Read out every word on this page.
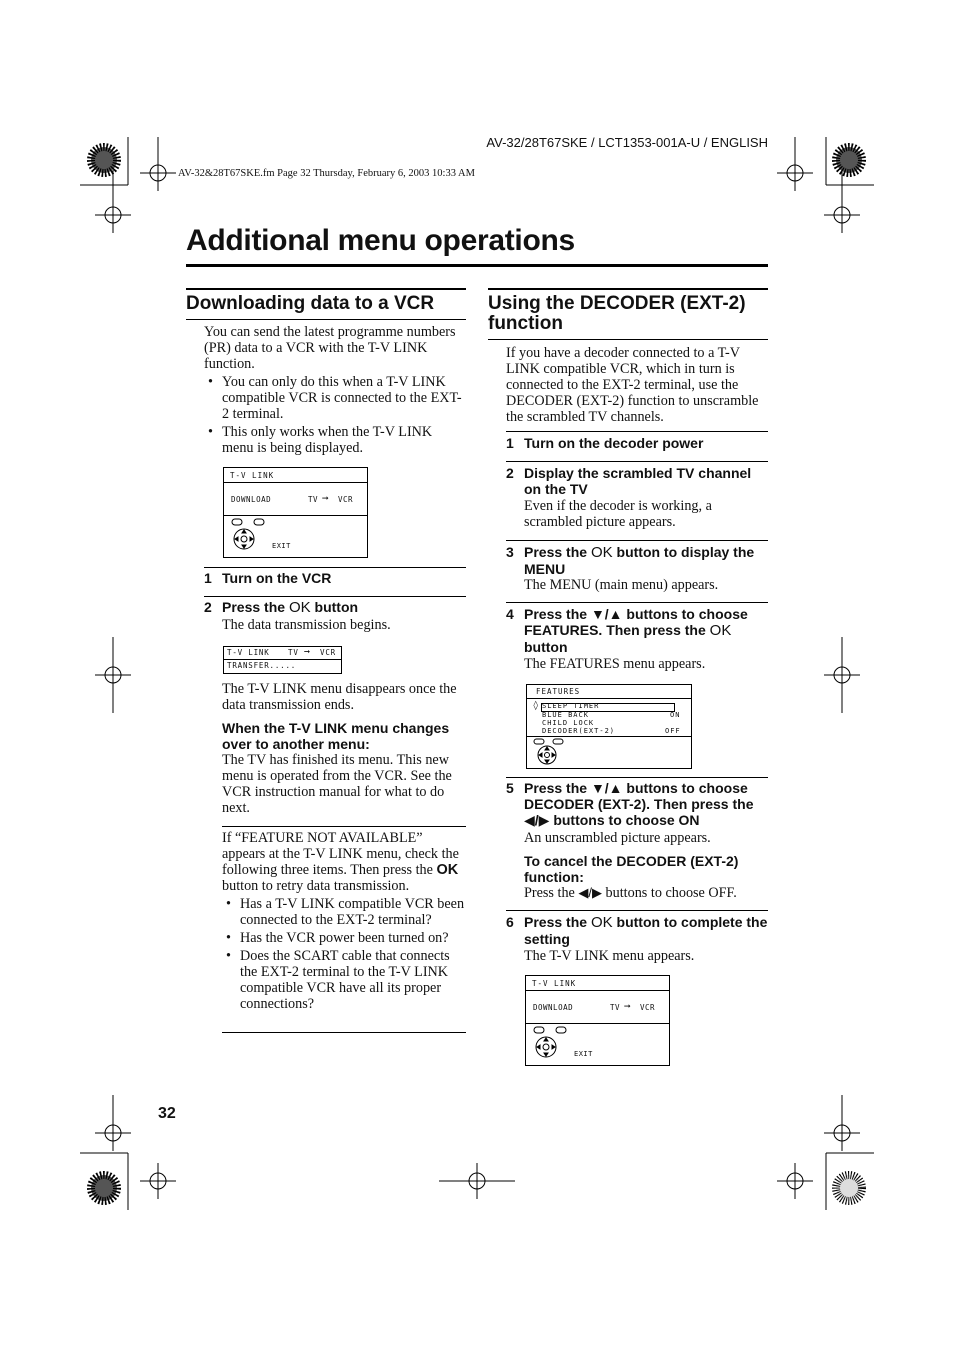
AV-32/28T67SKE / LCT1353-001A-U / ENGLISH
AV-32&28T67SKE.fm Page 32 Thursday, February 6, 2003 10:33 AM
Additional menu operations
Downloading data to a VCR

You can send the latest programme numbers (PR) data to a VCR with the T-V LINK function.

• You can only do this when a T-V LINK compatible VCR is connected to the EXT-2 terminal.
• This only works when the T-V LINK menu is being displayed.
T-V LINK
DOWNLOAD	TV ➞ VCR
EXIT
1 Turn on the VCR
2 Press the OK button
The data transmission begins.
T-V LINK TV ➞ VCR
TRANSFER.....
The T-V LINK menu disappears once the data transmission ends.
When the T-V LINK menu changes over to another menu:
The TV has finished its menu. This new menu is operated from the VCR. See the VCR instruction manual for what to do next.

If “FEATURE NOT AVAILABLE” appears at the T-V LINK menu, check the following three items. Then press the OK button to retry data transmission.

• Has a T-V LINK compatible VCR been connected to the EXT-2 terminal?
• Has the VCR power been turned on?
• Does the SCART cable that connects the EXT-2 terminal to the T-V LINK compatible VCR have all its proper connections?
Using the DECODER (EXT-2)
function
If you have a decoder connected to a T-V LINK compatible VCR, which in turn is connected to the EXT-2 terminal, use the DECODER (EXT-2) function to unscramble the scrambled TV channels.
1 Turn on the decoder power
2 Display the scrambled TV channel on the TV
Even if the decoder is working, a scrambled picture appears.
3 Press the OK button to display the MENU
The MENU (main menu) appears.
4 Press the ▼/▲ buttons to choose FEATURES. Then press the OK button
The FEATURES menu appears.
FEATURES
◊ SLEEP TIMER
BLUE BACK	ON
CHILD LOCK
DECODER(EXT-2)	OFF
5 Press the ▼/▲ buttons to choose DECODER (EXT-2). Then press the ◀/▶ buttons to choose ON
An unscrambled picture appears.
To cancel the DECODER (EXT-2) function:
Press the ◀/▶ buttons to choose OFF.
6 Press the OK button to complete the setting
The T-V LINK menu appears.
T-V LINK
DOWNLOAD	TV ➞ VCR
EXIT
32
